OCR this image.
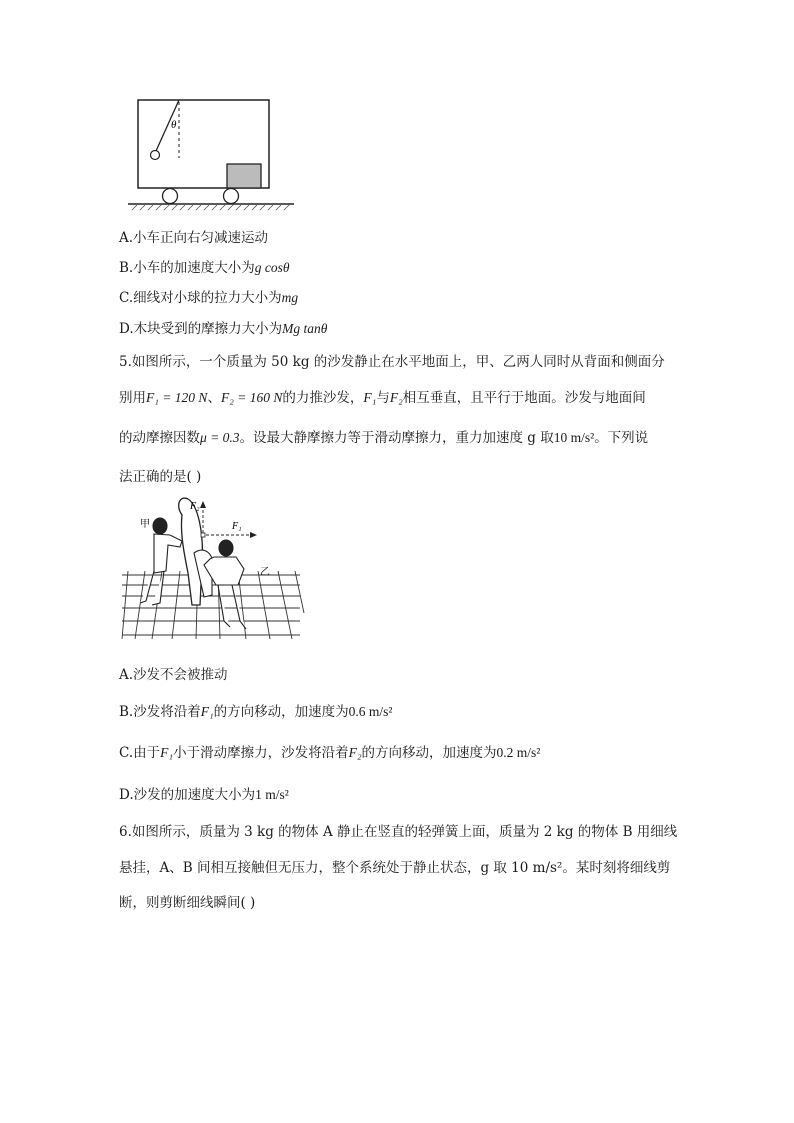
θ
A.小车正向右匀减速运动
B.小车的加速度大小为g cosθ
C.细线对小球的拉力大小为mg
D.木块受到的摩擦力大小为Mg tanθ
5.如图所示，一个质量为 50 kg 的沙发静止在水平地面上，甲、乙两人同时从背面和侧面分
别用F₁ = 120 N、F₂ = 160 N的力推沙发，F₁与F₂相互垂直，且平行于地面。沙发与地面间
的动摩擦因数μ = 0.3。设最大静摩擦力等于滑动摩擦力，重力加速度 g 取10 m/s²。下列说
法正确的是( )
甲
乙
F₁
F₂
A.沙发不会被推动
B.沙发将沿着F₁的方向移动，加速度为0.6 m/s²
C.由于F₁小于滑动摩擦力，沙发将沿着F₂的方向移动，加速度为0.2 m/s²
D.沙发的加速度大小为1 m/s²
6.如图所示，质量为 3 kg 的物体 A 静止在竖直的轻弹簧上面，质量为 2 kg 的物体 B 用细线
悬挂，A、B 间相互接触但无压力，整个系统处于静止状态，g 取 10 m/s²。某时刻将细线剪
断，则剪断细线瞬间( )
